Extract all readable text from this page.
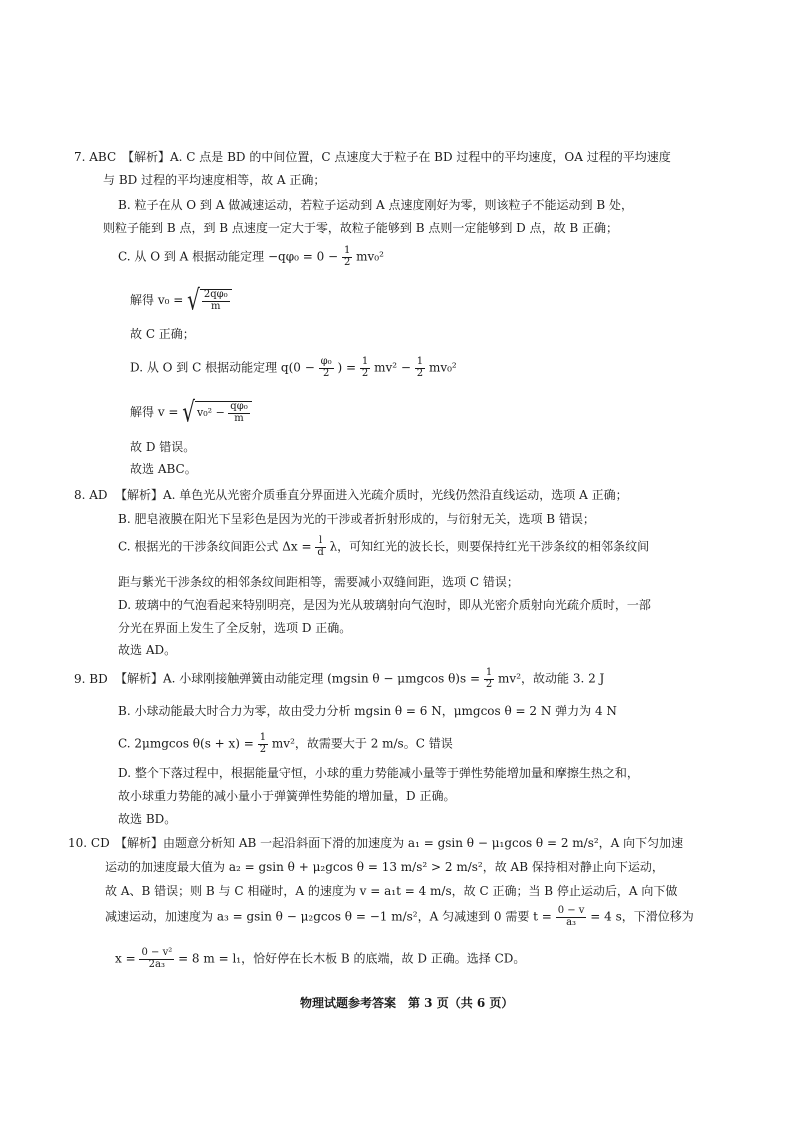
7. ABC 【解析】A. C 点是 BD 的中间位置，C 点速度大于粒子在 BD 过程中的平均速度，OA 过程的平均速度
与 BD 过程的平均速度相等，故 A 正确；
B. 粒子在从 O 到 A 做减速运动，若粒子运动到 A 点速度刚好为零，则该粒子不能运动到 B 处，
则粒子能到 B 点，到 B 点速度一定大于零，故粒子能够到 B 点则一定能够到 D 点，故 B 正确；
C. 从 O 到 A 根据动能定理 $-q\varphi_0 = 0 - \frac{1}{2} mv_0^2$
解得 v₀ = √ $\frac{\text{2qφ₀}}{m}$
故 C 正确；
D. 从 O 到 C 根据动能定理 $q(0 - \frac{\text{φ₀}}{2}$ ) = $\frac{1}{2} mv^2 - \frac{1}{2} mv_0^2$
解得 v = √ $v_0^2 - \frac{\text{qφ₀}}{m}$
故 D 错误。
故选 ABC。
8. AD 【解析】A. 单色光从光密介质垂直分界面进入光疏介质时，光线仍然沿直线运动，选项 A 正确；
B. 肥皂液膜在阳光下呈彩色是因为光的干涉或者折射形成的，与衍射无关，选项 B 错误；
C. 根据光的干涉条纹间距公式 $\Delta x = \frac{l}{d}$ λ，可知红光的波长长，则要保持红光干涉条纹的相邻条纹间
距与紫光干涉条纹的相邻条纹间距相等，需要减小双缝间距，选项 C 错误；
D. 玻璃中的气泡看起来特别明亮，是因为光从玻璃射向气泡时，即从光密介质射向光疏介质时，一部
分光在界面上发生了全反射，选项 D 正确。
故选 AD。
9. BD 【解析】A. 小球刚接触弹簧由动能定理 (mgsin θ − μmgcos $\theta)s = \frac{1}{2} mv^2$，故动能 3. 2 J
B. 小球动能最大时合力为零，故由受力分析 mgsin θ = 6 N，μmgcos θ = 2 N 弹力为 4 N
C. 2μmgcos $\theta(s + x) = \frac{1}{2} mv^2$，故需要大于 2 m/s。C 错误
D. 整个下落过程中，根据能量守恒，小球的重力势能减小量等于弹性势能增加量和摩擦生热之和，
故小球重力势能的减小量小于弹簧弹性势能的增加量，D 正确。
故选 BD。
10. CD 【解析】由题意分析知 AB 一起沿斜面下滑的加速度为 a₁ = gsin θ − μ₁gcos θ = 2 m/s²，A 向下匀加速
运动的加速度最大值为 a₂ = gsin θ + μ₂gcos θ = 13 m/s² > 2 m/s²，故 AB 保持相对静止向下运动，
故 A、B 错误；则 B 与 C 相碰时，A 的速度为 v = a₁t = 4 m/s，故 C 正确；当 B 停止运动后，A 向下做
减速运动，加速度为 a₃ = gsin θ − μ₂gcos θ = −1 m/s²，A 匀减速到 0 需要 $t = \frac{0 - v}{\text{a₃}} = 4$ s，下滑位移为
$x = \frac{\text{0 − v²}}{\text{2a₃}} = 8$ m = l₁，恰好停在长木板 B 的底端，故 D 正确。选择 CD。
物理试题参考答案　第 3 页（共 6 页）
